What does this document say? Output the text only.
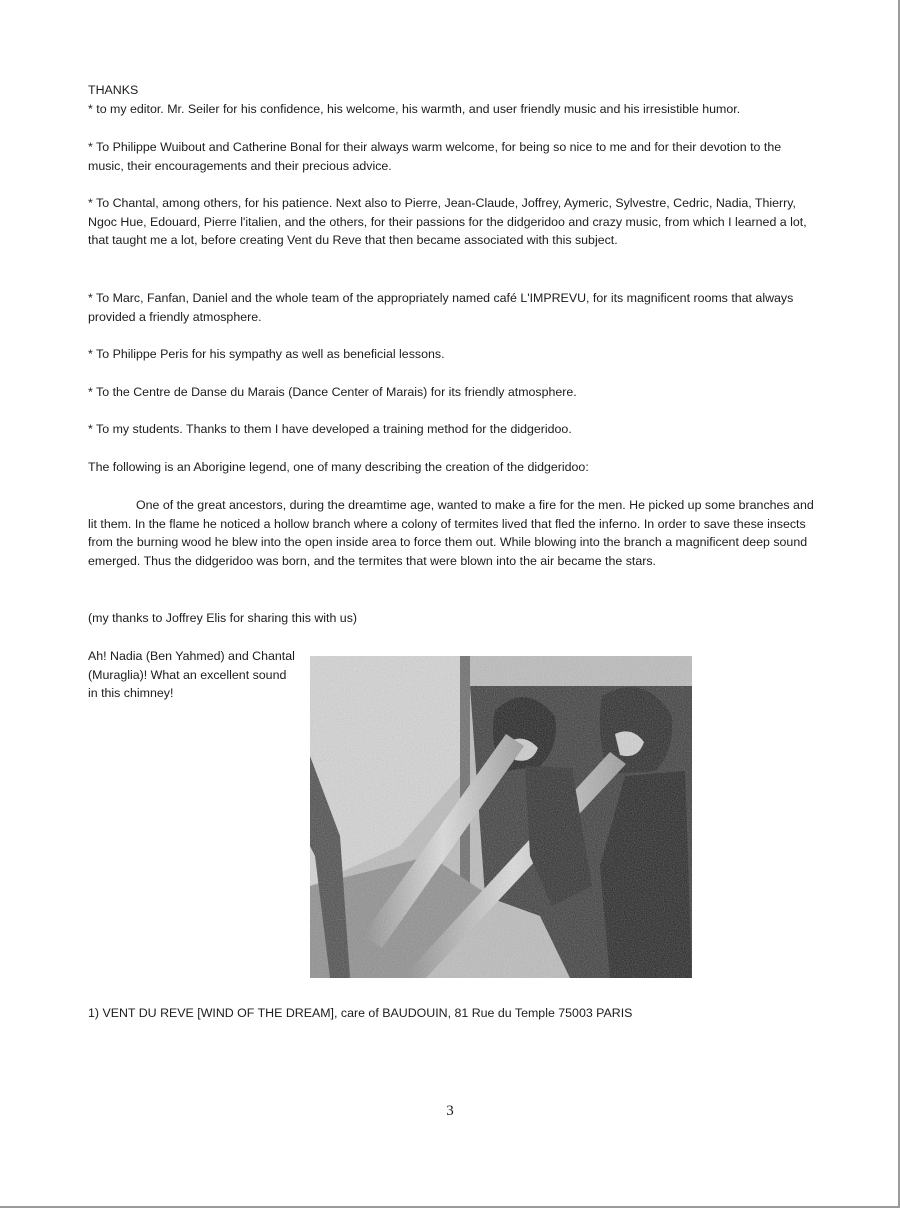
THANKS

* to my editor. Mr. Seiler for his confidence, his welcome, his warmth, and user friendly music and his irresistible humor.

* To Philippe Wuibout and Catherine Bonal for their always warm welcome, for being so nice to me and for their devotion to the music, their encouragements and their precious advice.

* To Chantal, among others, for his patience. Next also to Pierre, Jean-Claude, Joffrey, Aymeric, Sylvestre, Cedric, Nadia, Thierry, Ngoc Hue, Edouard, Pierre l'italien, and the others, for their passions for the didgeridoo and crazy music, from which I learned a lot, that taught me a lot, before creating Vent du Reve that then became associated with this subject.

* To Marc, Fanfan, Daniel and the whole team of the appropriately named café L'IMPREVU, for its magnificent rooms that always provided a friendly atmosphere.

* To Philippe Peris for his sympathy as well as beneficial lessons.

* To the Centre de Danse du Marais (Dance Center of Marais) for its friendly atmosphere.

* To my students. Thanks to them I have developed a training method for the didgeridoo.

The following is an Aborigine legend, one of many describing the creation of the didgeridoo:

One of the great ancestors, during the dreamtime age, wanted to make a fire for the men. He picked up some branches and lit them. In the flame he noticed a hollow branch where a colony of termites lived that fled the inferno. In order to save these insects from the burning wood he blew into the open inside area to force them out. While blowing into the branch a magnificent deep sound emerged. Thus the didgeridoo was born, and the termites that were blown into the air became the stars.

(my thanks to Joffrey Elis for sharing this with us)

Ah! Nadia (Ben Yahmed) and Chantal (Muraglia)! What an excellent sound in this chimney!
1) VENT DU REVE [WIND OF THE DREAM], care of BAUDOUIN, 81 Rue du Temple 75003 PARIS
3
